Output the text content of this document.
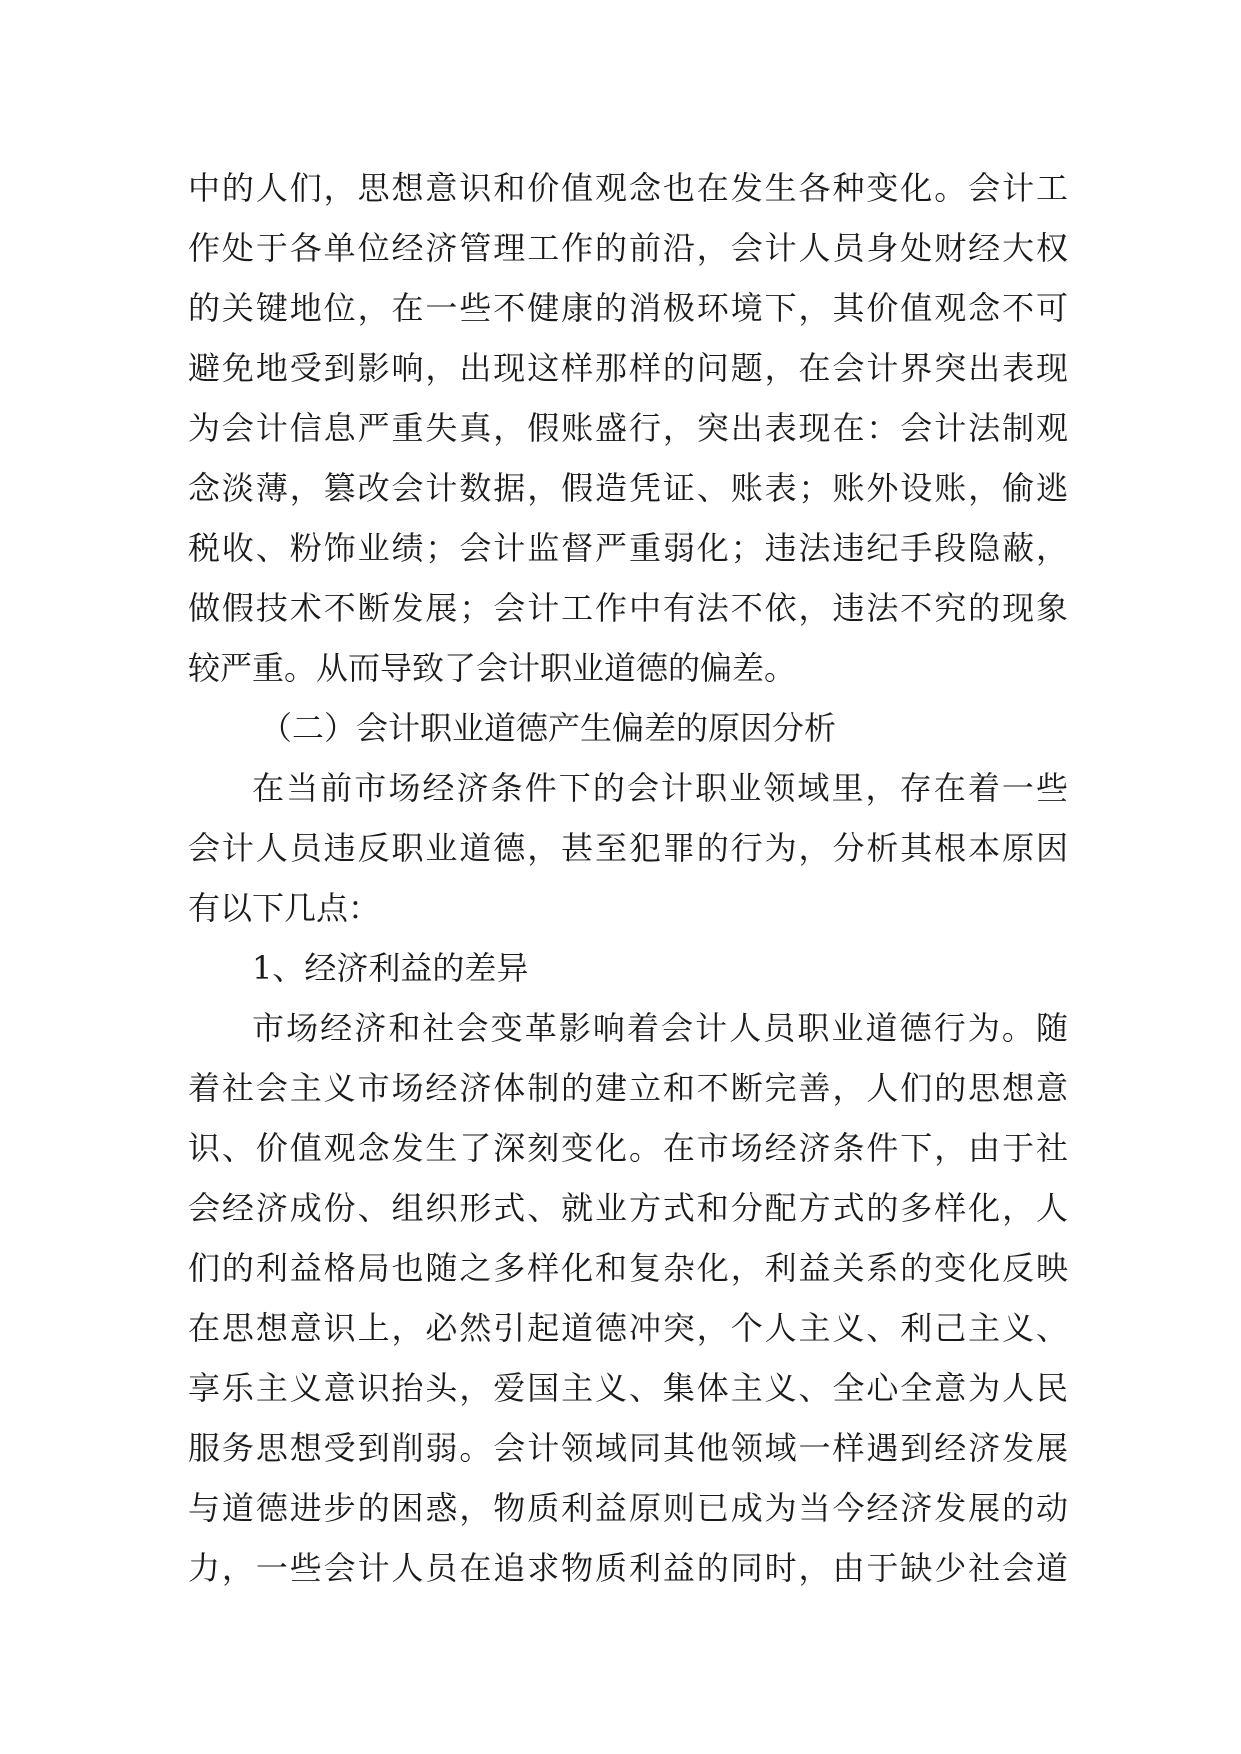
中的人们，思想意识和价值观念也在发生各种变化。会计工
作处于各单位经济管理工作的前沿，会计人员身处财经大权
的关键地位，在一些不健康的消极环境下，其价值观念不可
避免地受到影响，出现这样那样的问题，在会计界突出表现
为会计信息严重失真，假账盛行，突出表现在：会计法制观
念淡薄，篡改会计数据，假造凭证、账表；账外设账，偷逃
税收、粉饰业绩；会计监督严重弱化；违法违纪手段隐蔽，
做假技术不断发展；会计工作中有法不依，违法不究的现象
较严重。从而导致了会计职业道德的偏差。
（二）会计职业道德产生偏差的原因分析
在当前市场经济条件下的会计职业领域里，存在着一些
会计人员违反职业道德，甚至犯罪的行为，分析其根本原因
有以下几点：
1、经济利益的差异
市场经济和社会变革影响着会计人员职业道德行为。随
着社会主义市场经济体制的建立和不断完善，人们的思想意
识、价值观念发生了深刻变化。在市场经济条件下，由于社
会经济成份、组织形式、就业方式和分配方式的多样化，人
们的利益格局也随之多样化和复杂化，利益关系的变化反映
在思想意识上，必然引起道德冲突，个人主义、利己主义、
享乐主义意识抬头，爱国主义、集体主义、全心全意为人民
服务思想受到削弱。会计领域同其他领域一样遇到经济发展
与道德进步的困惑，物质利益原则已成为当今经济发展的动
力，一些会计人员在追求物质利益的同时，由于缺少社会道
